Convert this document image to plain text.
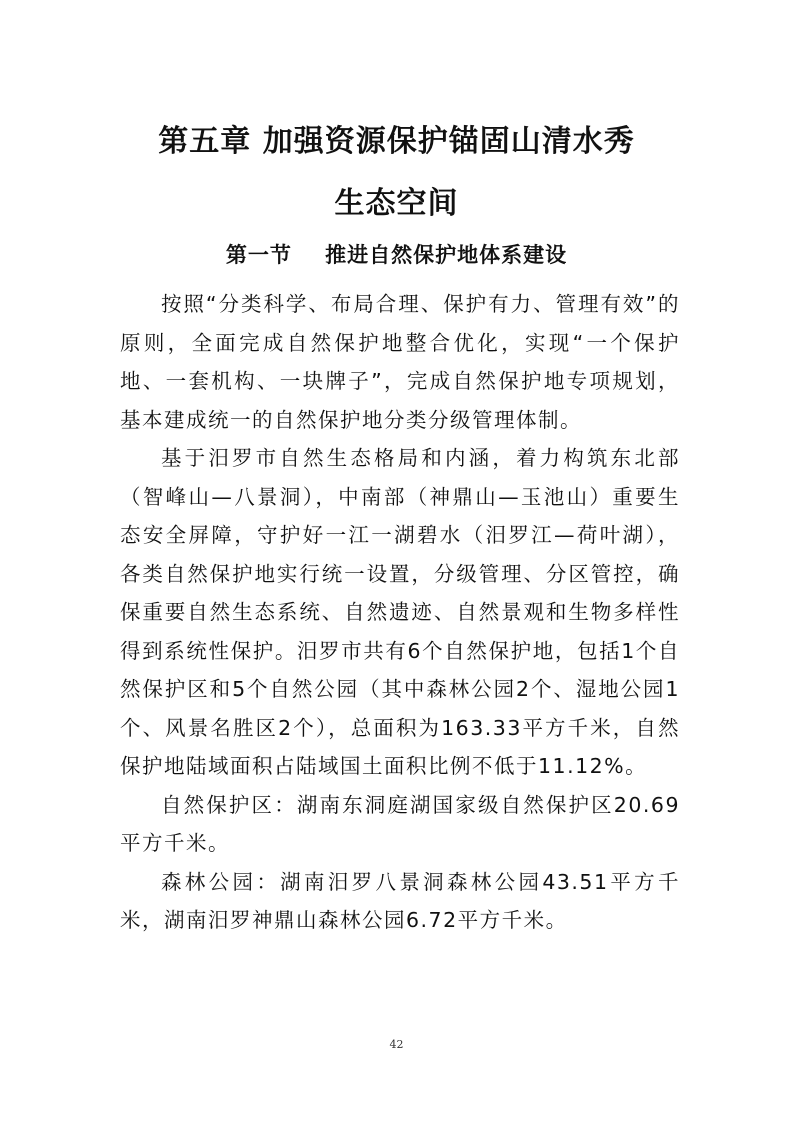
第五章 加强资源保护锚固山清水秀
生态空间
第一节    推进自然保护地体系建设

按照“分类科学、布局合理、保护有力、管理有效”的原则，全面完成自然保护地整合优化，实现“一个保护地、一套机构、一块牌子”，完成自然保护地专项规划，基本建成统一的自然保护地分类分级管理体制。

基于汨罗市自然生态格局和内涵，着力构筑东北部（智峰山—八景洞），中南部（神鼎山—玉池山）重要生态安全屏障，守护好一江一湖碧水（汨罗江—荷叶湖），各类自然保护地实行统一设置，分级管理、分区管控，确保重要自然生态系统、自然遗迹、自然景观和生物多样性得到系统性保护。汨罗市共有6个自然保护地，包括1个自然保护区和5个自然公园（其中森林公园2个、湿地公园1个、风景名胜区2个），总面积为163.33平方千米，自然保护地陆域面积占陆域国土面积比例不低于11.12%。

自然保护区：湖南东洞庭湖国家级自然保护区20.69平方千米。

森林公园：湖南汨罗八景洞森林公园43.51平方千米，湖南汨罗神鼎山森林公园6.72平方千米。

42
